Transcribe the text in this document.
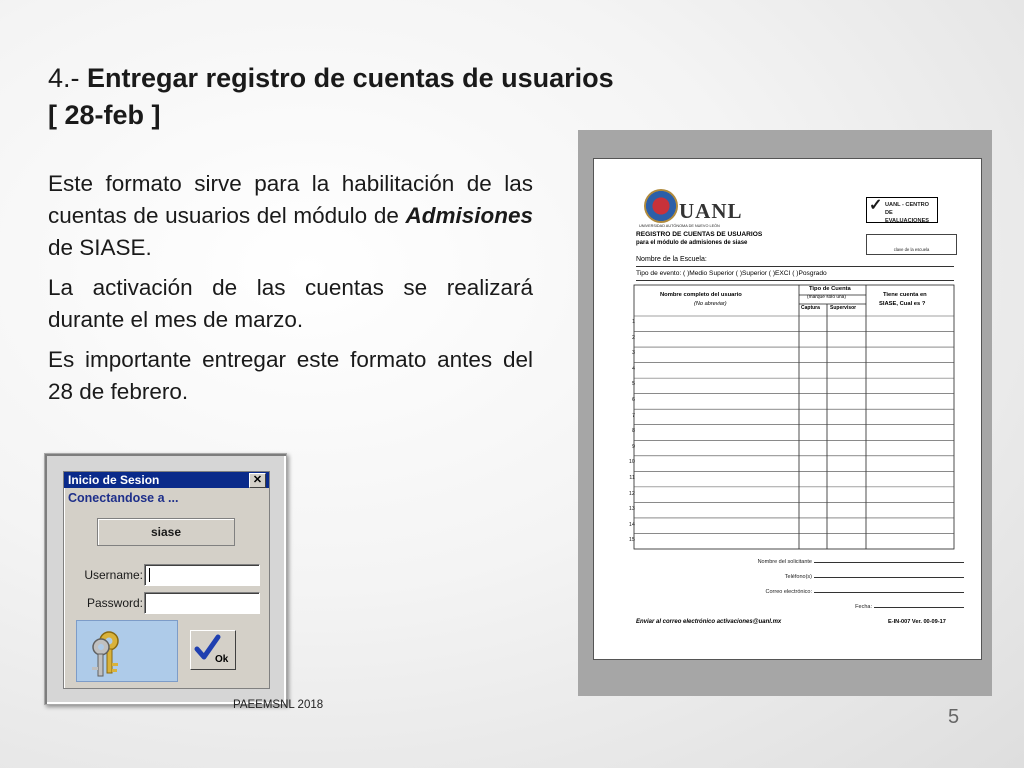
4.- Entregar registro de cuentas de usuarios
[ 28-feb ]

Este formato sirve para la habilitación de las cuentas de usuarios del módulo de Admisiones de SIASE.

La activación de las cuentas se realizará durante el mes de marzo.

Es importante entregar este formato antes del 28 de febrero.

Inicio de Sesion	✕
Conectandose a ...
siase
Username:
Password:
Ok
UANL
UNIVERSIDAD AUTÓNOMA DE NUEVO LEÓN
✓ UANL - CENTRO
DE EVALUACIONES
REGISTRO DE CUENTAS DE USUARIOS
para el módulo de admisiones de siase
clave de la escuela
Nombre de la Escuela:
Tipo de evento: ( )Medio Superior ( )Superior ( )EXCI ( )Posgrado
Nombre completo del usuario
(No abreviar)
Tipo de Cuenta
(marque solo una)
Captura Supervisor
Tiene cuenta en
SIASE, Cual es ?
1
2
3
4
5
6
7
8
9
10
11
12
13
14
15
Nombre del solicitante
Teléfono(s)
Correo electrónico:
Fecha:
Enviar al correo electrónico activaciones@uanl.mx	E-IN-007 Ver. 00-09-17
PAEEMSNL 2018
5
